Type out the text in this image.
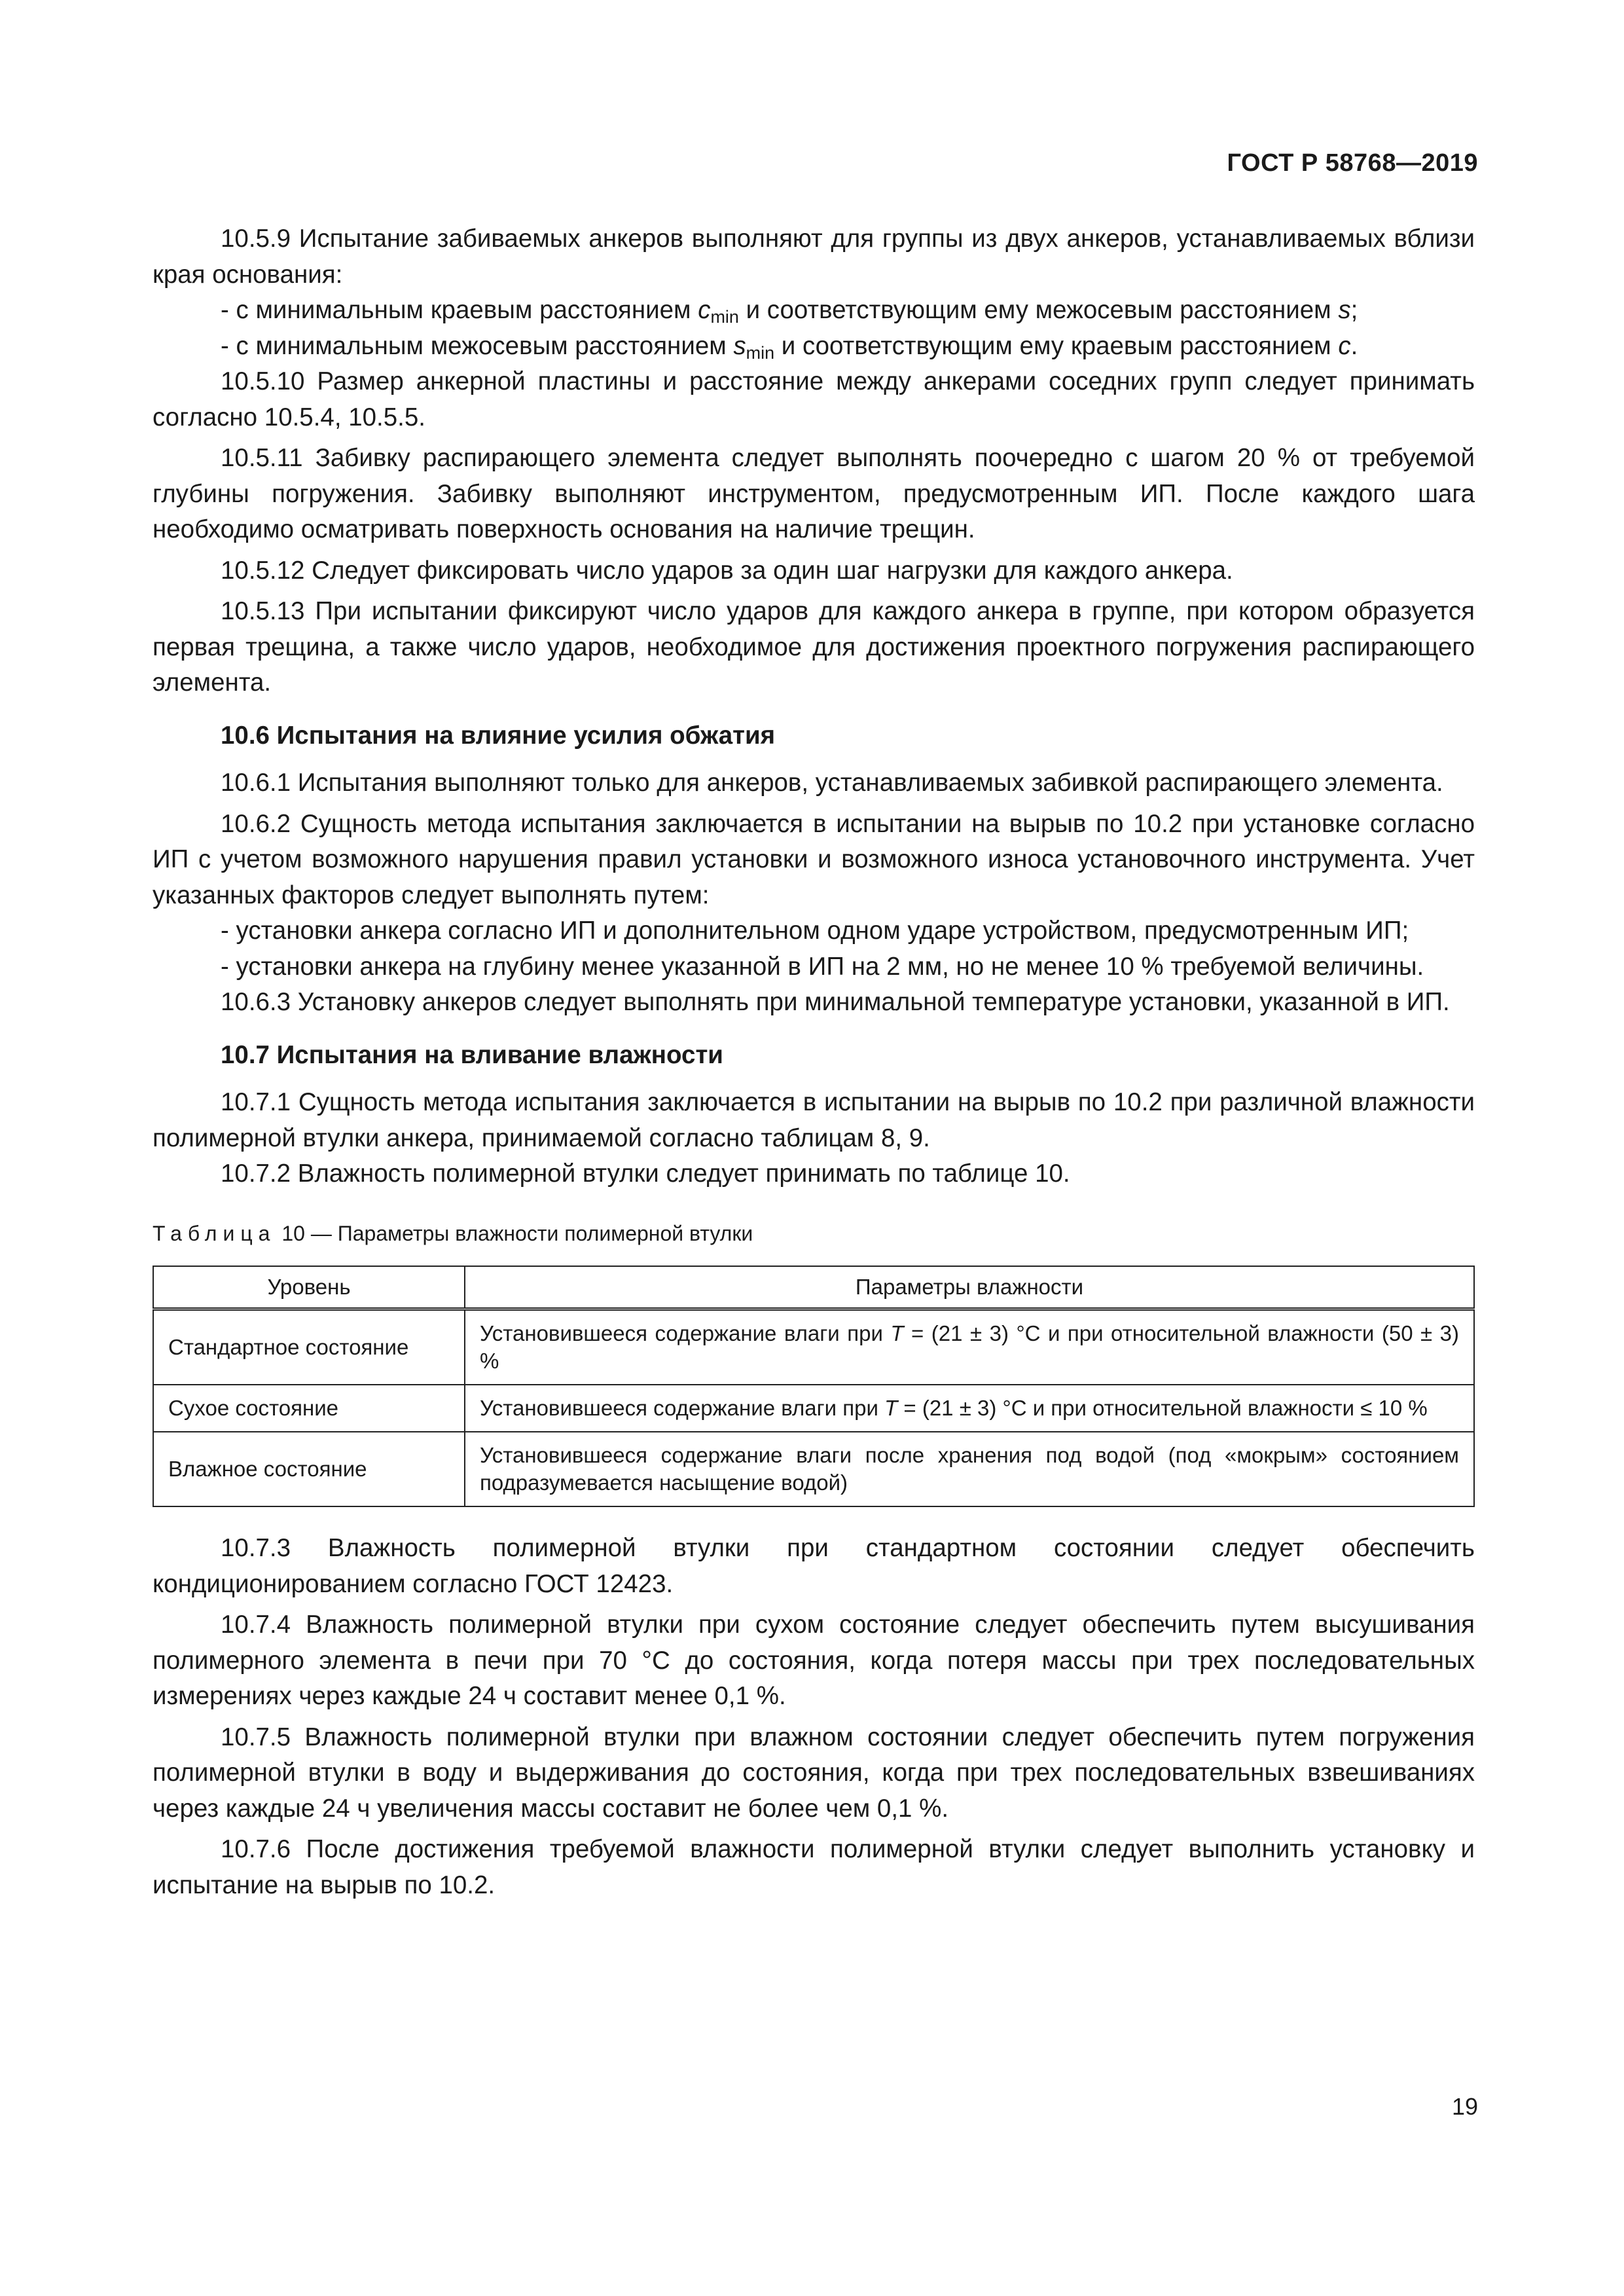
ГОСТ Р 58768—2019

10.5.9 Испытание забиваемых анкеров выполняют для группы из двух анкеров, устанавливаемых вблизи края основания:

- с минимальным краевым расстоянием $c_{min}$ и соответствующим ему межосевым расстоянием s;

- с минимальным межосевым расстоянием $s_{min}$ и соответствующим ему краевым расстоянием c.

10.5.10 Размер анкерной пластины и расстояние между анкерами соседних групп следует принимать согласно 10.5.4, 10.5.5.

10.5.11 Забивку распирающего элемента следует выполнять поочередно с шагом 20 % от требуемой глубины погружения. Забивку выполняют инструментом, предусмотренным ИП. После каждого шага необходимо осматривать поверхность основания на наличие трещин.

10.5.12 Следует фиксировать число ударов за один шаг нагрузки для каждого анкера.

10.5.13 При испытании фиксируют число ударов для каждого анкера в группе, при котором образуется первая трещина, а также число ударов, необходимое для достижения проектного погружения распирающего элемента.

10.6 Испытания на влияние усилия обжатия

10.6.1 Испытания выполняют только для анкеров, устанавливаемых забивкой распирающего элемента.

10.6.2 Сущность метода испытания заключается в испытании на вырыв по 10.2 при установке согласно ИП с учетом возможного нарушения правил установки и возможного износа установочного инструмента. Учет указанных факторов следует выполнять путем:

- установки анкера согласно ИП и дополнительном одном ударе устройством, предусмотренным ИП;

- установки анкера на глубину менее указанной в ИП на 2 мм, но не менее 10 % требуемой величины.

10.6.3 Установку анкеров следует выполнять при минимальной температуре установки, указанной в ИП.

10.7 Испытания на вливание влажности

10.7.1 Сущность метода испытания заключается в испытании на вырыв по 10.2 при различной влажности полимерной втулки анкера, принимаемой согласно таблицам 8, 9.

10.7.2 Влажность полимерной втулки следует принимать по таблице 10.

Таблица 10 — Параметры влажности полимерной втулки
Уровень	Параметры влажности
Стандартное состояние	Установившееся содержание влаги при T = (21 ± 3) °C и при относительной влажности (50 ± 3) %
Сухое состояние	Установившееся содержание влаги при T = (21 ± 3) °C и при относительной влажности ≤ 10 %
Влажное состояние	Установившееся содержание влаги после хранения под водой (под «мокрым» состоянием подразумевается насыщение водой)

10.7.3 Влажность полимерной втулки при стандартном состоянии следует обеспечить кондиционированием согласно ГОСТ 12423.

10.7.4 Влажность полимерной втулки при сухом состояние следует обеспечить путем высушивания полимерного элемента в печи при 70 °C до состояния, когда потеря массы при трех последовательных измерениях через каждые 24 ч составит менее 0,1 %.

10.7.5 Влажность полимерной втулки при влажном состоянии следует обеспечить путем погружения полимерной втулки в воду и выдерживания до состояния, когда при трех последовательных взвешиваниях через каждые 24 ч увеличения массы составит не более чем 0,1 %.

10.7.6 После достижения требуемой влажности полимерной втулки следует выполнить установку и испытание на вырыв по 10.2.

19
